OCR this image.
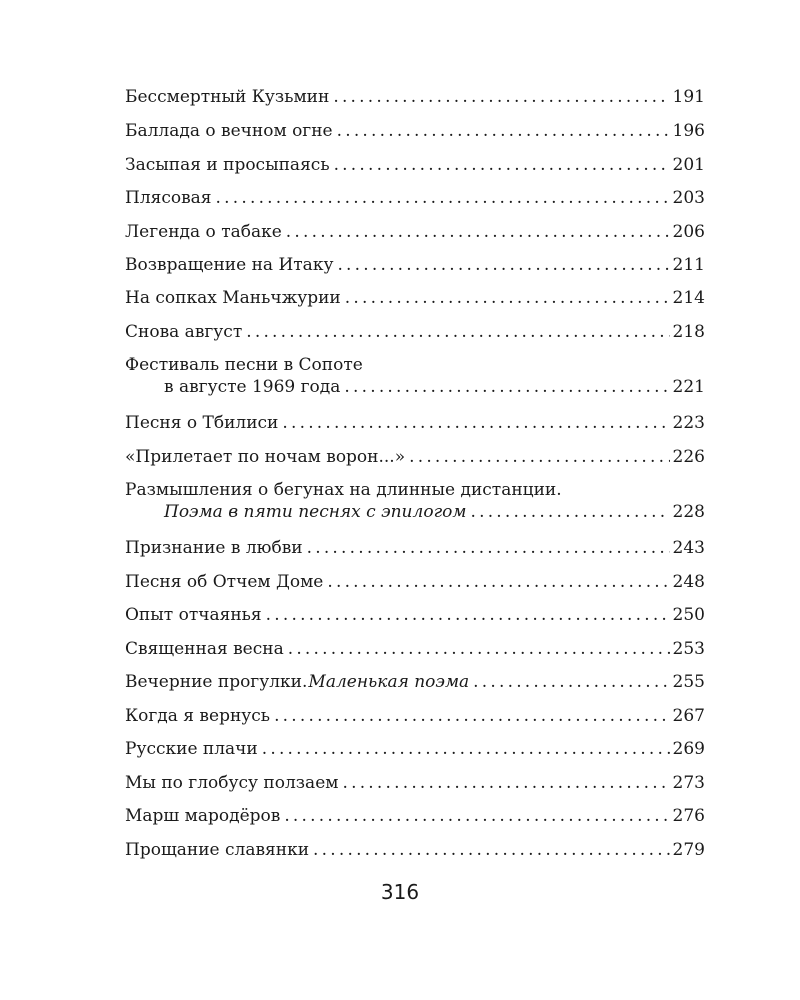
Бессмертный Кузьмин .....	191
Баллада о вечном огне .....	196
Засыпая и просыпаясь .....	201
Плясовая .....	203
Легенда о табаке .....	206
Возвращение на Итаку .....	211
На сопках Маньчжурии .....	214
Снова август .....	218
Фестиваль песни в Сопоте
в августе 1969 года .....	221
Песня о Тбилиси .....	223
«Прилетает по ночам ворон...» .....	226
Размышления о бегунах на длинные дистанции.
Поэма в пяти песнях с эпилогом .....	228
Признание в любви .....	243
Песня об Отчем Доме .....	248
Опыт отчаянья .....	250
Священная весна .....	253
Вечерние прогулки. Маленькая поэма .....	255
Когда я вернусь .....	267
Русские плачи .....	269
Мы по глобусу ползаем .....	273
Марш мародёров .....	276
Прощание славянки .....	279
316
